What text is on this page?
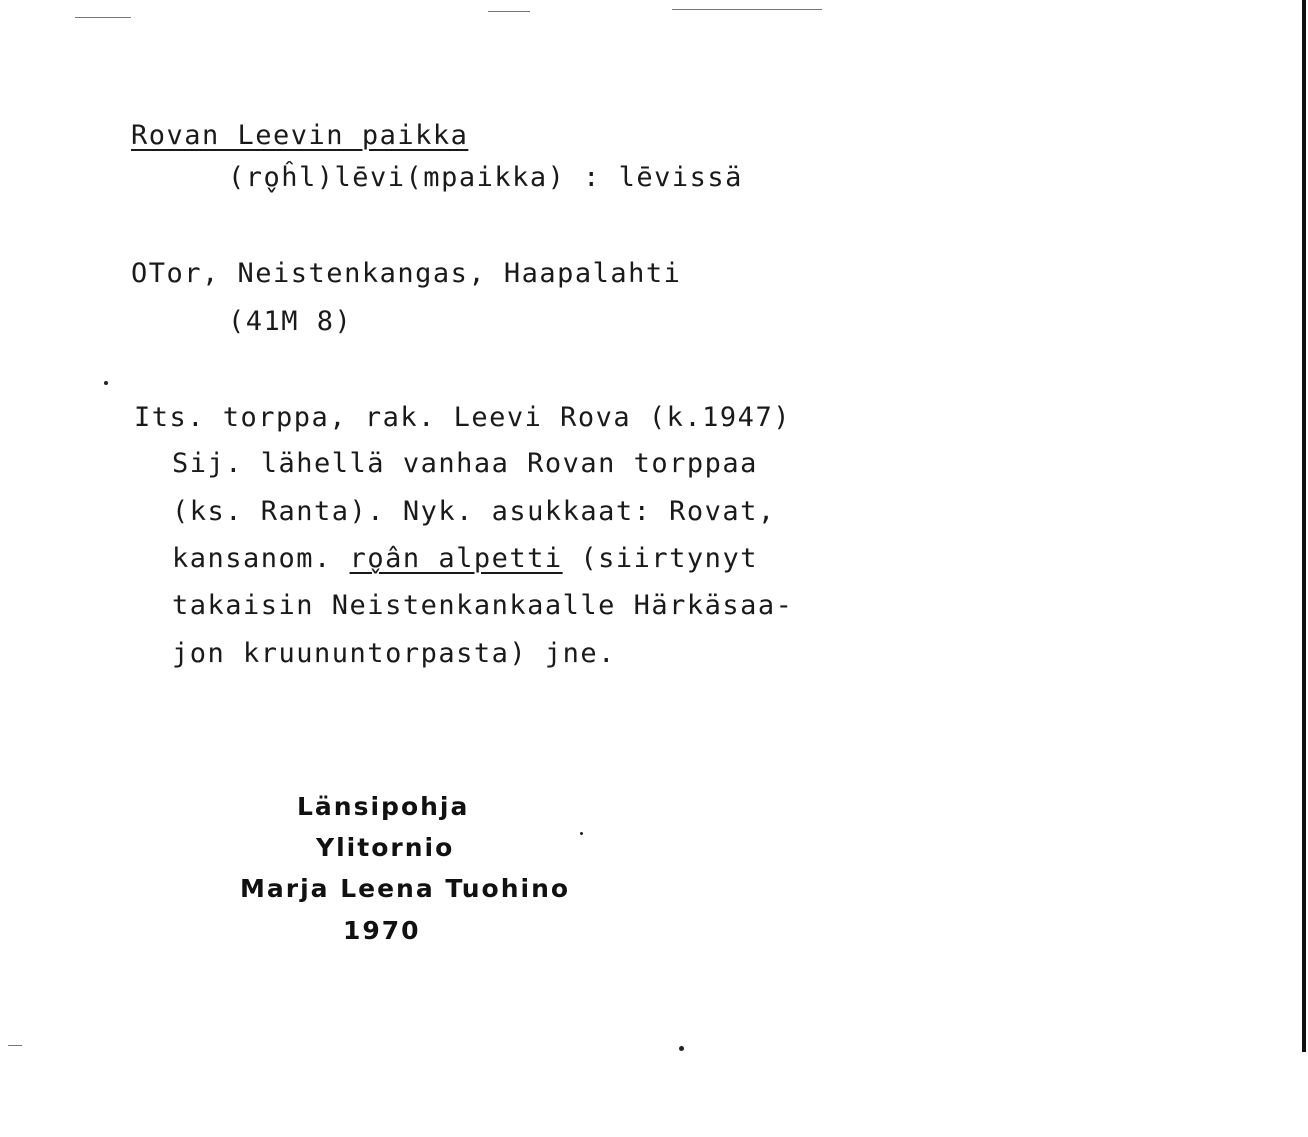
Rovan Leevin paikka
(ro̬ĥl)lēvi(mpaikka) : lēvissä
OTor, Neistenkangas, Haapalahti
(41M 8)
Its. torppa, rak. Leevi Rova (k.1947)
Sij. lähellä vanhaa Rovan torppaa
(ks. Ranta). Nyk. asukkaat: Rovat,
kansanom. ro̬ân alpetti (siirtynyt
takaisin Neistenkankaalle Härkäsaa-
jon kruununtorpasta) jne.
Länsipohja
Ylitornio
Marja Leena Tuohino
1970
